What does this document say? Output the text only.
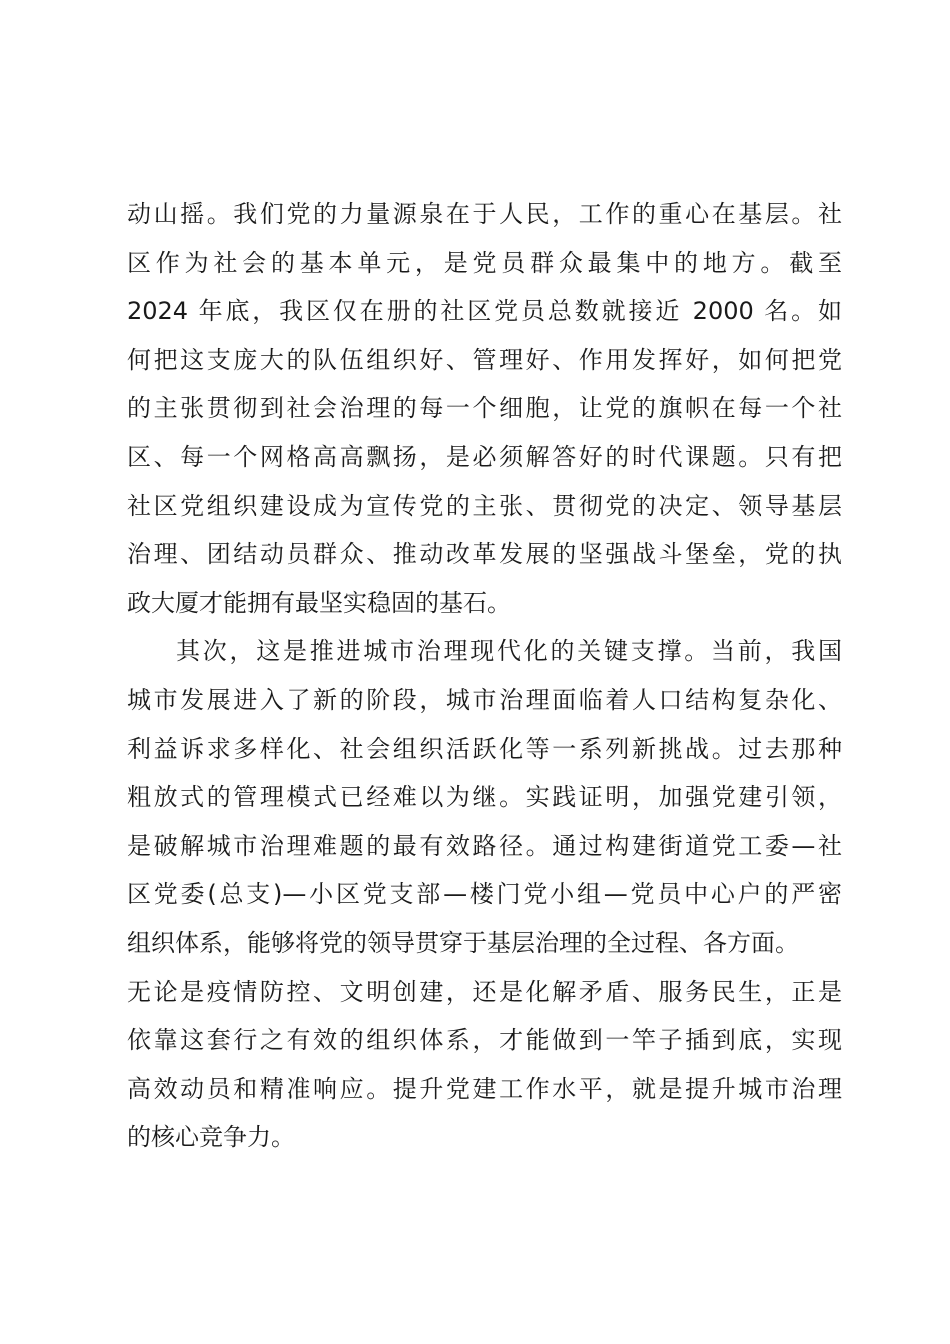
动山摇。我们党的力量源泉在于人民，工作的重心在基层。社
区作为社会的基本单元，是党员群众最集中的地方。截至
2024 年底，我区仅在册的社区党员总数就接近 2000 名。如
何把这支庞大的队伍组织好、管理好、作用发挥好，如何把党
的主张贯彻到社会治理的每一个细胞，让党的旗帜在每一个社
区、每一个网格高高飘扬，是必须解答好的时代课题。只有把
社区党组织建设成为宣传党的主张、贯彻党的决定、领导基层
治理、团结动员群众、推动改革发展的坚强战斗堡垒，党的执
政大厦才能拥有最坚实稳固的基石。
其次，这是推进城市治理现代化的关键支撑。当前，我国
城市发展进入了新的阶段，城市治理面临着人口结构复杂化、
利益诉求多样化、社会组织活跃化等一系列新挑战。过去那种
粗放式的管理模式已经难以为继。实践证明，加强党建引领，
是破解城市治理难题的最有效路径。通过构建街道党工委—社
区党委(总支)—小区党支部—楼门党小组—党员中心户的严密
组织体系，能够将党的领导贯穿于基层治理的全过程、各方面。
无论是疫情防控、文明创建，还是化解矛盾、服务民生，正是
依靠这套行之有效的组织体系，才能做到一竿子插到底，实现
高效动员和精准响应。提升党建工作水平，就是提升城市治理
的核心竞争力。
